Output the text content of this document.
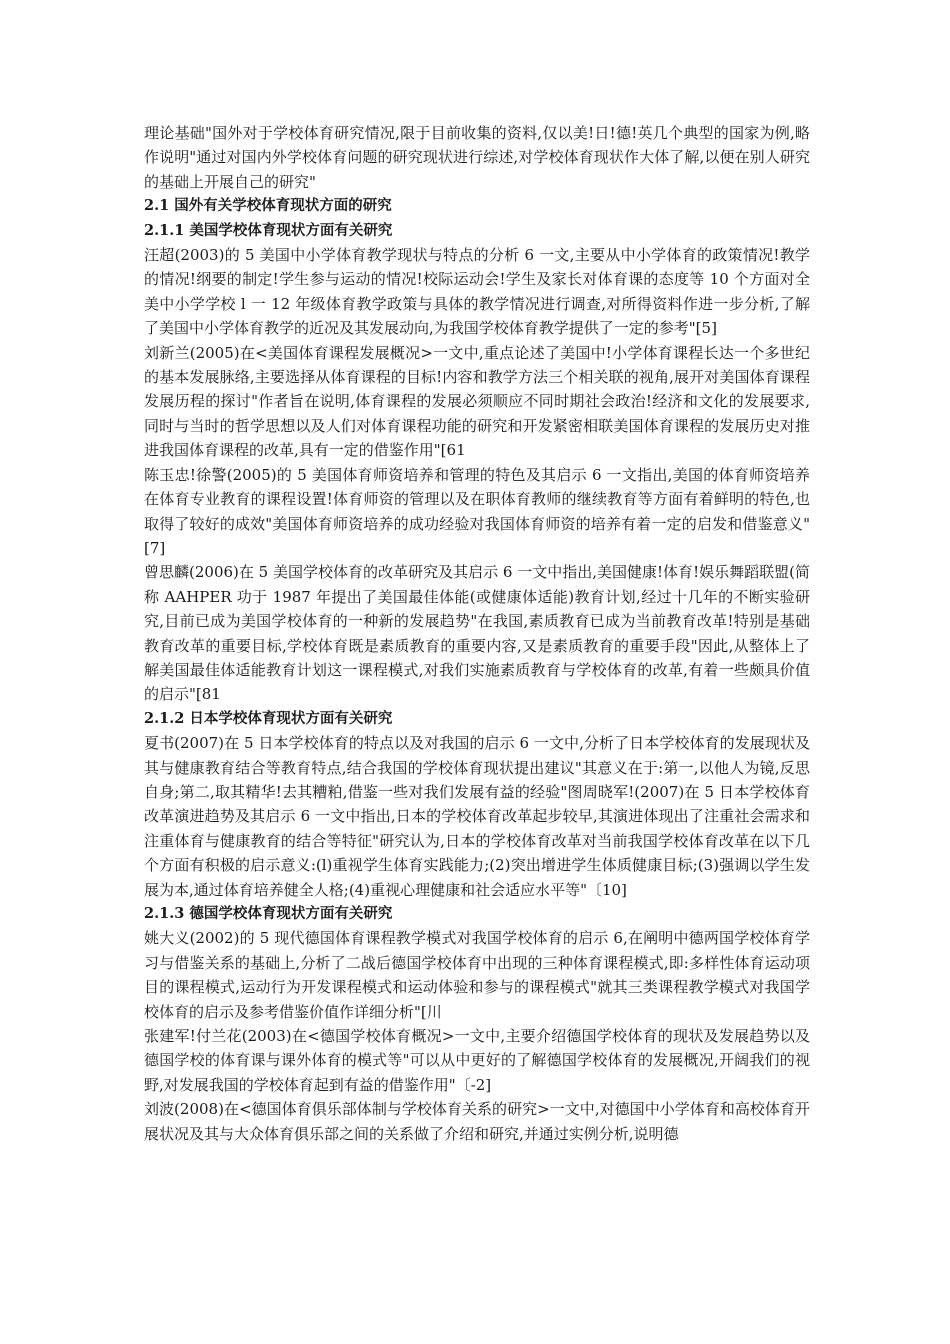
理论基础"国外对于学校体育研究情况,限于目前收集的资料,仅以美!日!德!英几个典型的国家为例,略作说明"通过对国内外学校体育问题的研究现状进行综述,对学校体育现状作大体了解,以便在别人研究的基础上开展自己的研究"

2.1 国外有关学校体育现状方面的研究

2.1.1 美国学校体育现状方面有关研究

汪超(2003)的 5 美国中小学体育教学现状与特点的分析 6 一文,主要从中小学体育的政策情况!教学的情况!纲要的制定!学生参与运动的情况!校际运动会!学生及家长对体育课的态度等 10 个方面对全美中小学学校 l 一 12 年级体育教学政策与具体的教学情况进行调查,对所得资料作进一步分析,了解了美国中小学体育教学的近况及其发展动向,为我国学校体育教学提供了一定的参考"[5]

刘新兰(2005)在<美国体育课程发展概况>一文中,重点论述了美国中!小学体育课程长达一个多世纪的基本发展脉络,主要选择从体育课程的目标!内容和教学方法三个相关联的视角,展开对美国体育课程发展历程的探讨"作者旨在说明,体育课程的发展必须顺应不同时期社会政治!经济和文化的发展要求,同时与当时的哲学思想以及人们对体育课程功能的研究和开发紧密相联美国体育课程的发展历史对推进我国体育课程的改革,具有一定的借鉴作用"[61

陈玉忠!徐警(2005)的 5 美国体育师资培养和管理的特色及其启示 6 一文指出,美国的体育师资培养在体育专业教育的课程设置!体育师资的管理以及在职体育教师的继续教育等方面有着鲜明的特色,也取得了较好的成效"美国体育师资培养的成功经验对我国体育师资的培养有着一定的启发和借鉴意义"[7]

曾思麟(2006)在 5 美国学校体育的改革研究及其启示 6 一文中指出,美国健康!体育!娱乐舞蹈联盟(简称 AAHPER 功于 1987 年提出了美国最佳体能(或健康体适能)教育计划,经过十几年的不断实验研究,目前已成为美国学校体育的一种新的发展趋势"在我国,素质教育已成为当前教育改革!特别是基础教育改革的重要目标,学校体育既是素质教育的重要内容,又是素质教育的重要手段"因此,从整体上了解美国最佳体适能教育计划这一课程模式,对我们实施素质教育与学校体育的改革,有着一些颇具价值的启示"[81

2.1.2 日本学校体育现状方面有关研究

夏书(2007)在 5 日本学校体育的特点以及对我国的启示 6 一文中,分析了日本学校体育的发展现状及其与健康教育结合等教育特点,结合我国的学校体育现状提出建议"其意义在于:第一,以他人为镜,反思自身;第二,取其精华!去其糟粕,借鉴一些对我们发展有益的经验"图周晓军!(2007)在 5 日本学校体育改革演进趋势及其启示 6 一文中指出,日本的学校体育改革起步较早,其演进体现出了注重社会需求和注重体育与健康教育的结合等特征"研究认为,日本的学校体育改革对当前我国学校体育改革在以下几个方面有积极的启示意义:(l)重视学生体育实践能力;(2)突出增进学生体质健康目标;(3)强调以学生发展为本,通过体育培养健全人格;(4)重视心理健康和社会适应水平等"〔10]

2.1.3 德国学校体育现状方面有关研究

姚大义(2002)的 5 现代德国体育课程教学模式对我国学校体育的启示 6,在阐明中德两国学校体育学习与借鉴关系的基础上,分析了二战后德国学校体育中出现的三种体育课程模式,即:多样性体育运动项目的课程模式,运动行为开发课程模式和运动体验和参与的课程模式"就其三类课程教学模式对我国学校体育的启示及参考借鉴价值作详细分析"[川

张建军!付兰花(2003)在<德国学校体育概况>一文中,主要介绍德国学校体育的现状及发展趋势以及德国学校的体育课与课外体育的模式等"可以从中更好的了解德国学校体育的发展概况,开阔我们的视野,对发展我国的学校体育起到有益的借鉴作用"〔-2]

刘波(2008)在<德国体育俱乐部体制与学校体育关系的研究>一文中,对德国中小学体育和高校体育开展状况及其与大众体育俱乐部之间的关系做了介绍和研究,并通过实例分析,说明德
